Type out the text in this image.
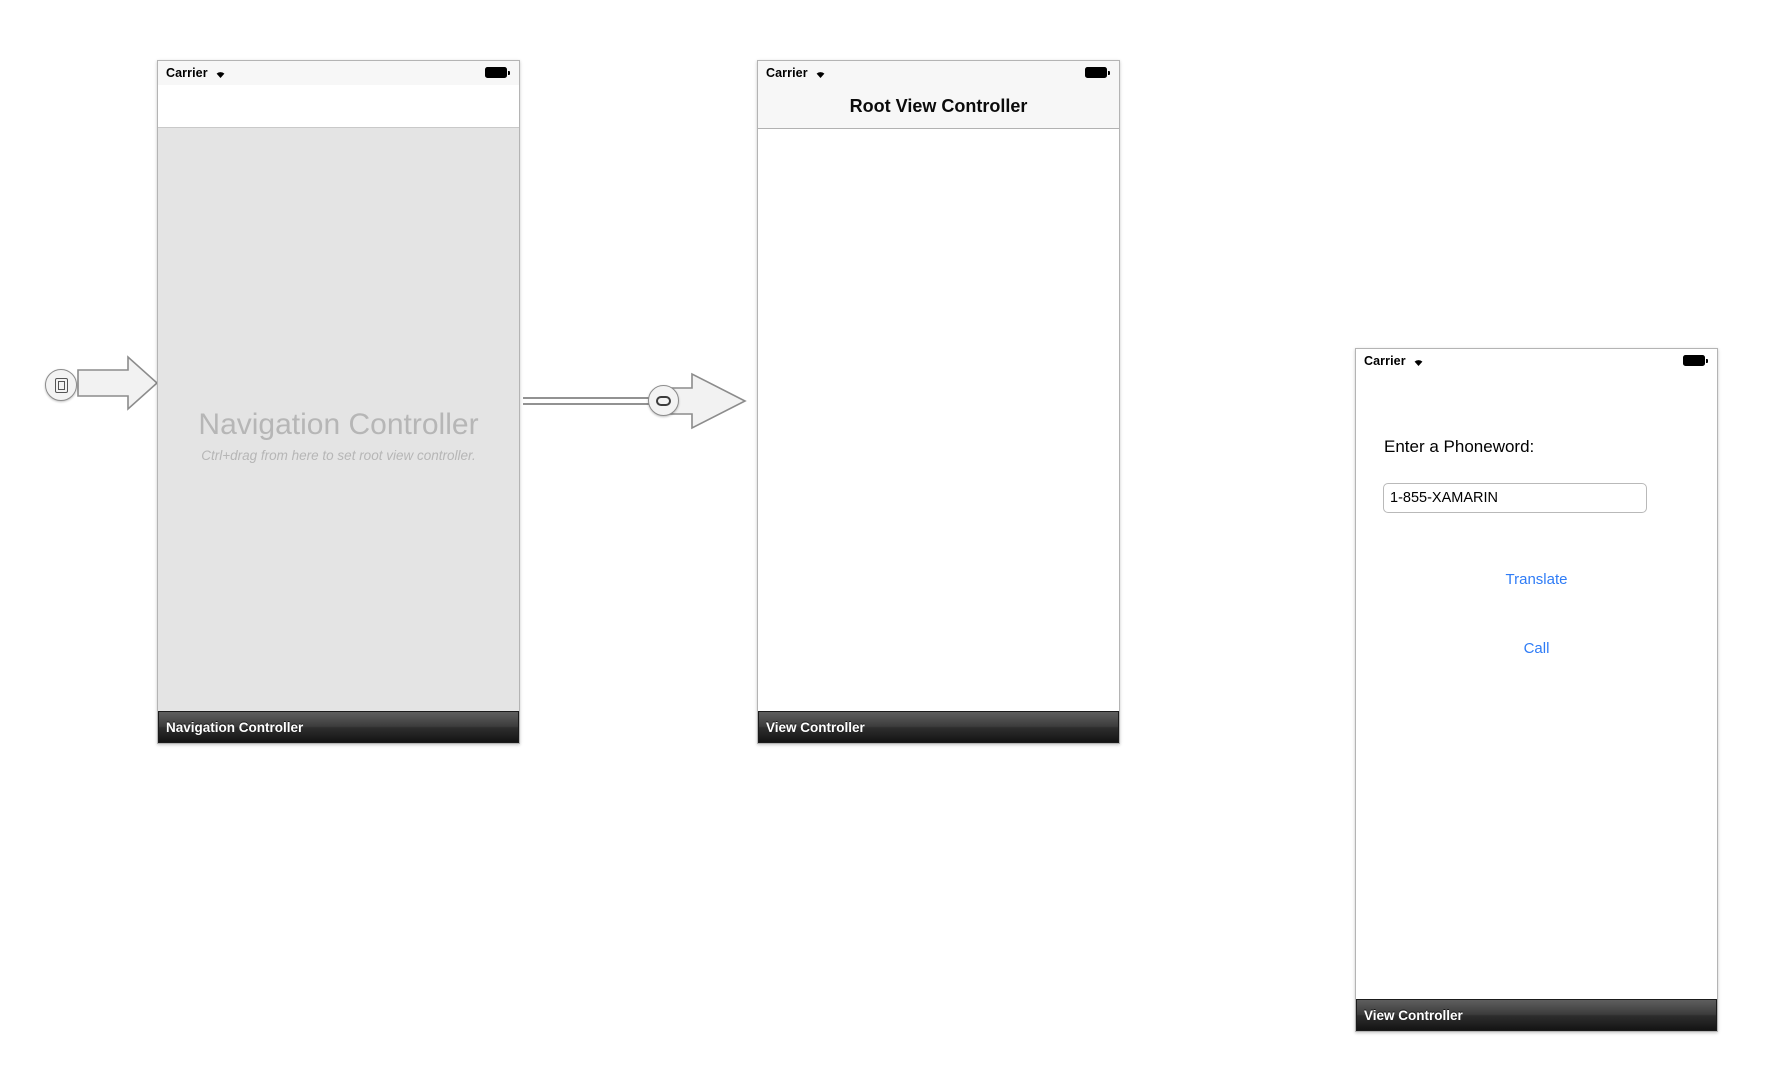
Carrier
Navigation Controller
Ctrl+drag from here to set root view controller.
Navigation Controller
Carrier
Root View Controller
View Controller
Carrier
Enter a Phoneword:
1-855-XAMARIN
Translate
Call
View Controller
